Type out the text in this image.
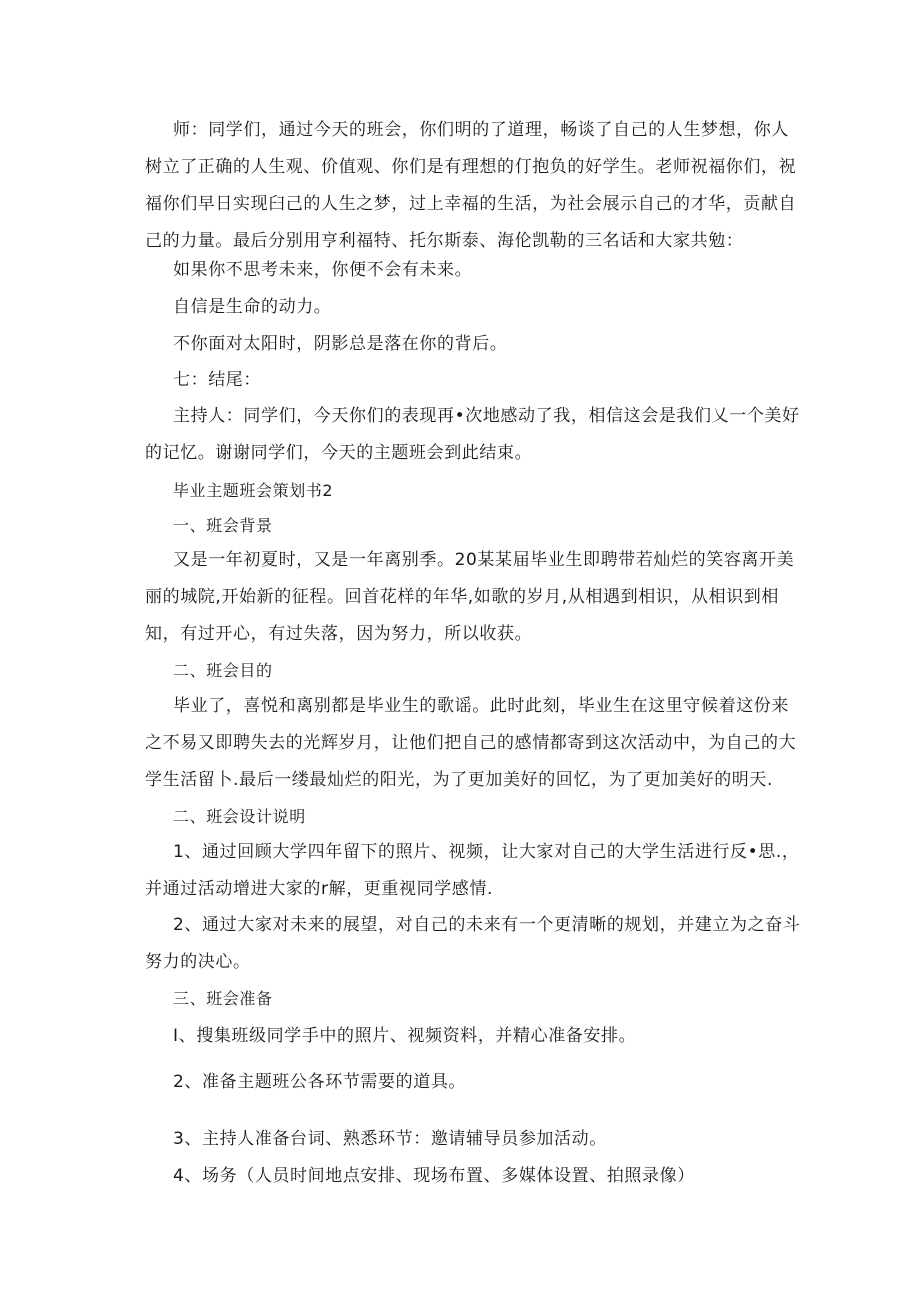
师：同学们，通过今天的班会，你们明的了道理，畅谈了自己的人生梦想，你人
树立了正确的人生观、价值观、你们是有理想的仃抱负的好学生。老师祝福你们，祝
福你们早日实现臼己的人生之梦，过上幸福的生活，为社会展示自己的才华，贡献自
己的力量。最后分别用亨利福特、托尔斯泰、海伦凯勒的三名话和大家共勉：
如果你不思考未来，你便不会有未来。
自信是生命的动力。
不你面对太阳时，阴影总是落在你的背后。
七：结尾：
主持人：同学们，今天你们的表现再•次地感动了我，相信这会是我们乂一个美好
的记忆。谢谢同学们，今天的主题班会到此结束。
毕业主题班会策划书2
一、班会背景
又是一年初夏时，又是一年离别季。20某某届毕业生即聘带若灿烂的笑容离开美
丽的城院,开始新的征程。回首花样的年华,如歌的岁月,从相遇到相识，从相识到相
知，有过开心，有过失落，因为努力，所以收获。
二、班会目的
毕业了，喜悦和离别都是毕业生的歌谣。此时此刻，毕业生在这里守候着这份来
之不易又即聘失去的光辉岁月，让他们把自己的感情都寄到这次活动中，为自己的大
学生活留卜.最后一缕最灿烂的阳光，为了更加美好的回忆，为了更加美好的明天.
二、班会设计说明
1、通过回顾大学四年留下的照片、视频，让大家对自己的大学生活进行反•思.，
并通过活动增进大家的r解，更重视同学感情.
2、通过大家对未来的展望，对自己的未来有一个更清晰的规划，并建立为之奋斗
努力的决心。
三、班会准备
I、搜集班级同学手中的照片、视频资料，并精心准备安排。
2、准备主题班公各环节需要的道具。
3、主持人准备台词、熟悉环节：邀请辅导员参加活动。
4、场务（人员时间地点安排、现场布置、多媒体设置、拍照录像）
